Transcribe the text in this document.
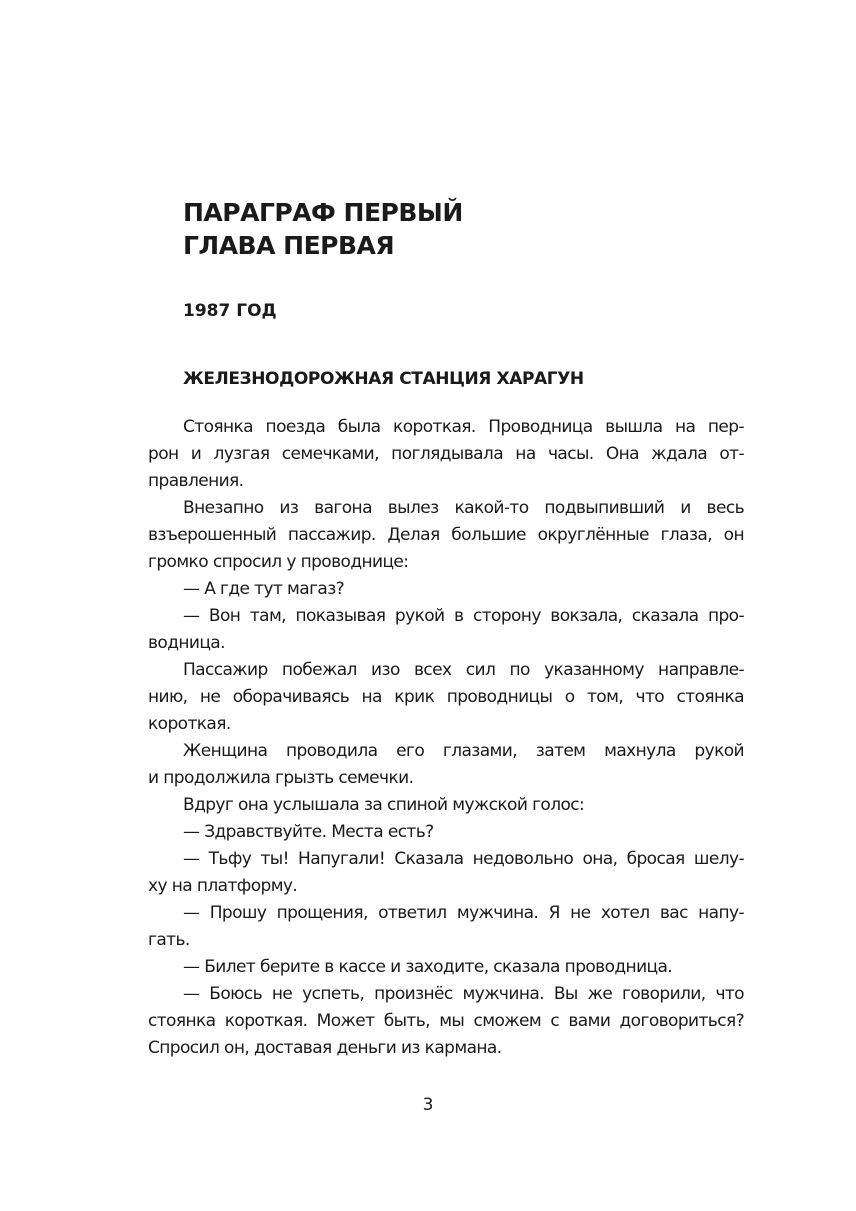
ПАРАГРАФ ПЕРВЫЙ
ГЛАВА ПЕРВАЯ
1987 ГОД
ЖЕЛЕЗНОДОРОЖНАЯ СТАНЦИЯ ХАРАГУН
Стоянка поезда была короткая. Проводница вышла на пер-
рон и лузгая семечками, поглядывала на часы. Она ждала от-
правления.
Внезапно из вагона вылез какой-то подвыпивший и весь
взъерошенный пассажир. Делая большие округлённые глаза, он
громко спросил у проводнице:
— А где тут магаз?
— Вон там, показывая рукой в сторону вокзала, сказала про-
водница.
Пассажир побежал изо всех сил по указанному направле-
нию, не оборачиваясь на крик проводницы о том, что стоянка
короткая.
Женщина проводила его глазами, затем махнула рукой
и продолжила грызть семечки.
Вдруг она услышала за спиной мужской голос:
— Здравствуйте. Места есть?
— Тьфу ты! Напугали! Сказала недовольно она, бросая шелу-
ху на платформу.
— Прошу прощения, ответил мужчина. Я не хотел вас напу-
гать.
— Билет берите в кассе и заходите, сказала проводница.
— Боюсь не успеть, произнёс мужчина. Вы же говорили, что
стоянка короткая. Может быть, мы сможем с вами договориться?
Спросил он, доставая деньги из кармана.
3
